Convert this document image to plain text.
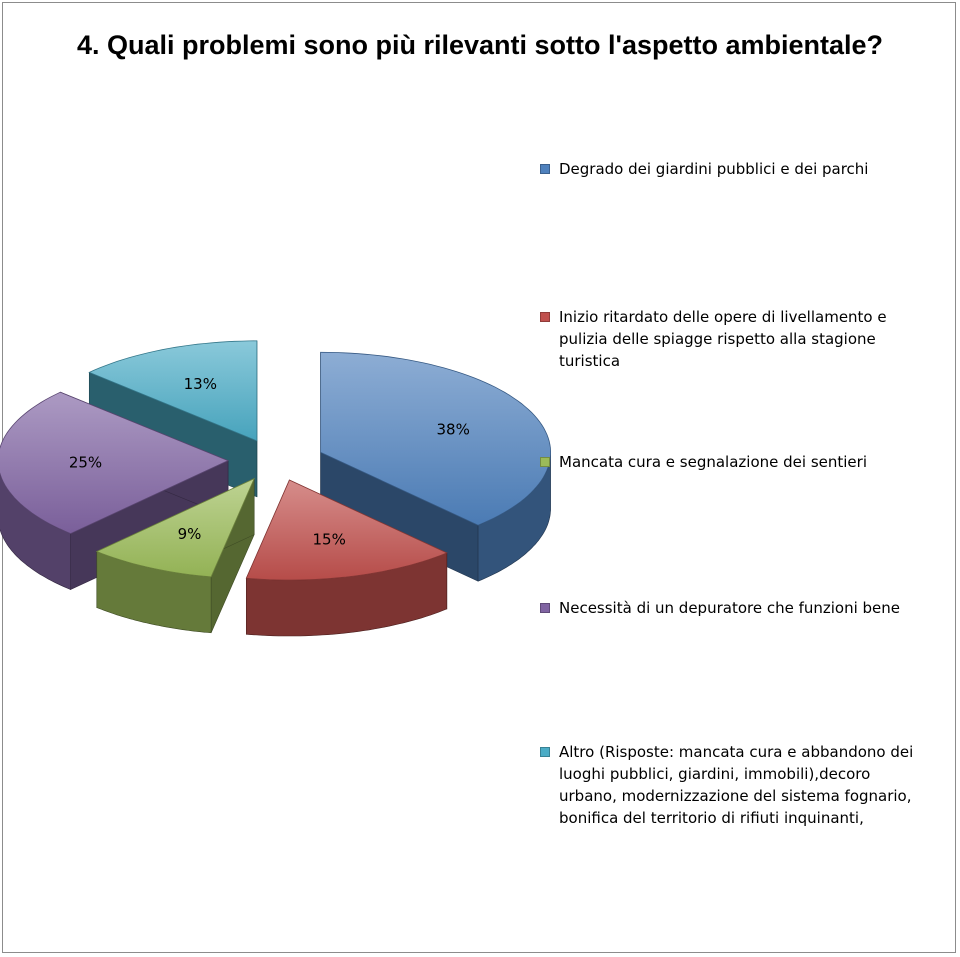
4. Quali problemi sono più rilevanti sotto l'aspetto ambientale?
38%
15%
9%
25%
13%
Degrado dei giardini pubblici e dei parchi
Inizio ritardato delle opere di livellamento e pulizia delle spiagge rispetto alla stagione turistica
Mancata cura e segnalazione dei sentieri
Necessità di un depuratore che funzioni bene
Altro (Risposte: mancata cura e abbandono dei luoghi pubblici, giardini, immobili),decoro urbano, modernizzazione del sistema fognario, bonifica del territorio di rifiuti inquinanti,
